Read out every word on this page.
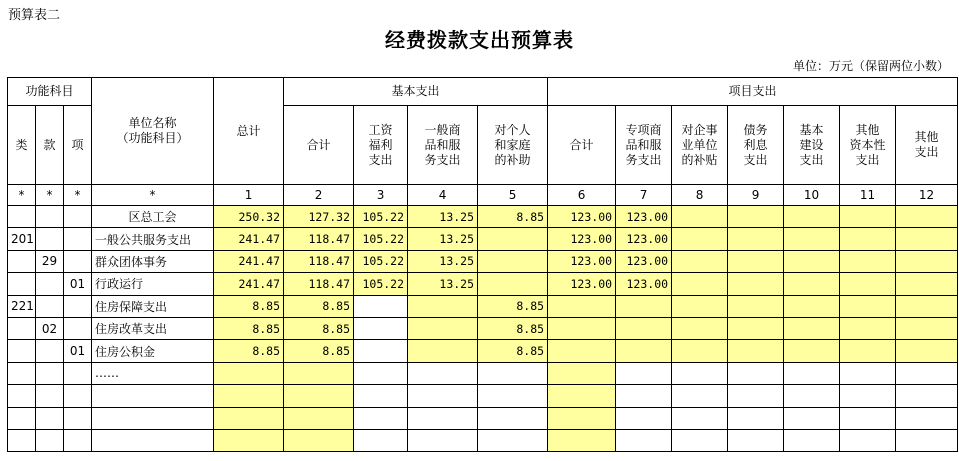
预算表二
经费拨款支出预算表
单位：万元（保留两位小数）
功能科目			单位名称
（功能科目）	总计	基本支出				项目支出						
类	款	项			合计	工资
福利
支出	一般商
品和服
务支出	对个人
和家庭
的补助	合计	专项商
品和服
务支出	对企事
业单位
的补贴	债务
利息
支出	基本
建设
支出	其他
资本性
支出	其他
支出
*	*	*	*	1	2	3	4	5	6	7	8	9	10	11	12
			区总工会	250.32	127.32	105.22	13.25	8.85	123.00	123.00					
201			一般公共服务支出	241.47	118.47	105.22	13.25		123.00	123.00					
	29		群众团体事务	241.47	118.47	105.22	13.25		123.00	123.00					
		01	行政运行	241.47	118.47	105.22	13.25		123.00	123.00					
221			住房保障支出	8.85	8.85			8.85							
	02		住房改革支出	8.85	8.85			8.85							
		01	住房公积金	8.85	8.85			8.85							
			……												
